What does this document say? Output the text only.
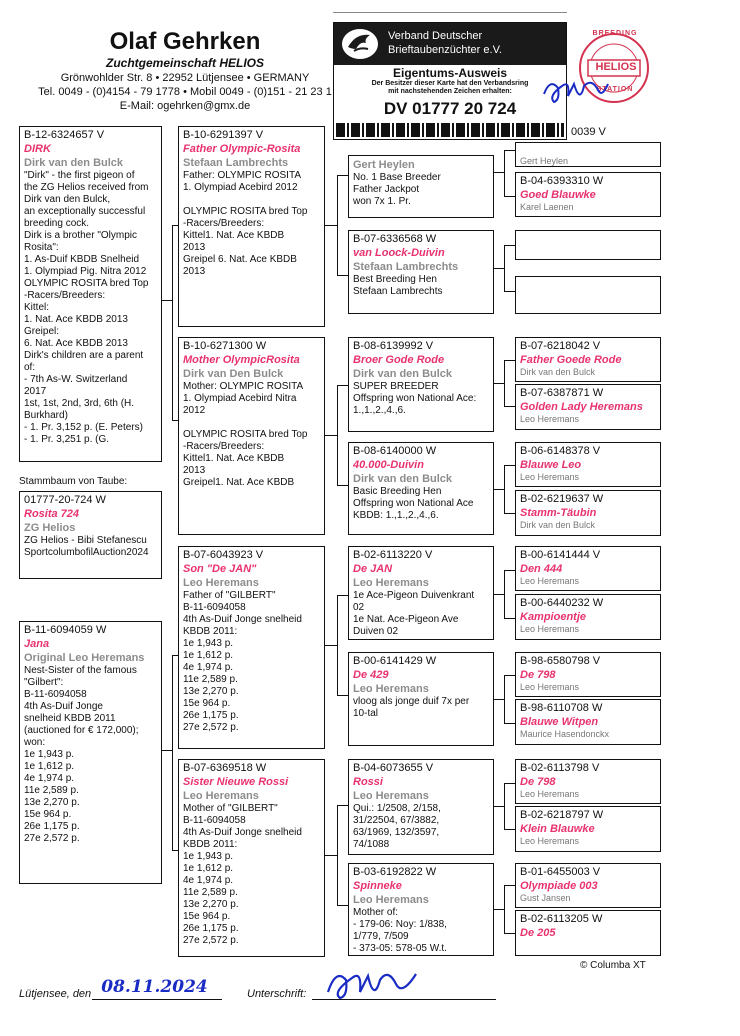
Olaf Gehrken
Zuchtgemeinschaft HELIOS
Grönwohlder Str. 8 • 22952 Lütjensee • GERMANY
Tel. 0049 - (0)4154 - 79 1778 • Mobil 0049 - (0)151 - 21 23 1
E-Mail: ogehrken@gmx.de
Verband Deutscher
Brieftaubenzüchter e.V.
Eigentums-Ausweis
Der Besitzer dieser Karte hat den Verbandsring
mit nachstehenden Zeichen erhalten:
DV 01777 20 724
BREEDING
HELIOS
STATION
0039 V
B-12-6324657 V
DIRK
Dirk van den Bulck
"Dirk" - the first pigeon of
the ZG Helios received from
Dirk van den Bulck,
an exceptionally successful
breeding cock.
Dirk is a brother "Olympic
Rosita":
1. As-Duif KBDB Snelheid
1. Olympiad Pig. Nitra 2012
OLYMPIC ROSITA bred Top
-Racers/Breeders:
Kittel:
1. Nat. Ace KBDB 2013
Greipel:
6. Nat. Ace KBDB 2013
Dirk's children are a parent
of:
- 7th As-W. Switzerland
2017
1st, 1st, 2nd, 3rd, 6th (H.
Burkhard)
- 1. Pr. 3,152 p. (E. Peters)
- 1. Pr. 3,251 p. (G.
Stammbaum von Taube:
01777-20-724 W
Rosita 724
ZG Helios
ZG Helios - Bibi Stefanescu
SportcolumbofilAuction2024
B-11-6094059 W
Jana
Original Leo Heremans
Nest-Sister of the famous
"Gilbert":
B-11-6094058
4th As-Duif Jonge
snelheid KBDB 2011
(auctioned for € 172,000);
won:
1e 1,943 p.
1e 1,612 p.
4e 1,974 p.
11e 2,589 p.
13e 2,270 p.
15e 964 p.
26e 1,175 p.
27e 2,572 p.
B-10-6291397 V
Father Olympic-Rosita
Stefaan Lambrechts
Father: OLYMPIC ROSITA
1. Olympiad Acebird 2012

OLYMPIC ROSITA bred Top
-Racers/Breeders:
Kittel1. Nat. Ace KBDB
2013
Greipel 6. Nat. Ace KBDB
2013
B-10-6271300 W
Mother OlympicRosita
Dirk van Den Bulck
Mother: OLYMPIC ROSITA
1. Olympiad Acebird Nitra
2012

OLYMPIC ROSITA bred Top
-Racers/Breeders:
Kittel1. Nat. Ace KBDB
2013
Greipel1. Nat. Ace KBDB
B-07-6043923 V
Son "De JAN"
Leo Heremans
Father of "GILBERT"
B-11-6094058
4th As-Duif Jonge snelheid
KBDB 2011:
1e 1,943 p.
1e 1,612 p.
4e 1,974 p.
11e 2,589 p.
13e 2,270 p.
15e 964 p.
26e 1,175 p.
27e 2,572 p.
B-07-6369518 W
Sister Nieuwe Rossi
Leo Heremans
Mother of "GILBERT"
B-11-6094058
4th As-Duif Jonge snelheid
KBDB 2011:
1e 1,943 p.
1e 1,612 p.
4e 1,974 p.
11e 2,589 p.
13e 2,270 p.
15e 964 p.
26e 1,175 p.
27e 2,572 p.
Gert Heylen
No. 1 Base Breeder
Father Jackpot
won 7x 1. Pr.
B-07-6336568 W
van Loock-Duivin
Stefaan Lambrechts
Best Breeding Hen
Stefaan Lambrechts
B-08-6139992 V
Broer Gode Rode
Dirk van den Bulck
SUPER BREEDER
Offspring won National Ace:
1.,1.,2.,4.,6.
B-08-6140000 W
40.000-Duivin
Dirk van den Bulck
Basic Breeding Hen
Offspring won National Ace
KBDB: 1.,1.,2.,4.,6.
B-02-6113220 V
De JAN
Leo Heremans
1e Ace-Pigeon Duivenkrant
02
1e Nat. Ace-Pigeon Ave
Duiven 02
B-00-6141429 W
De 429
Leo Heremans
vloog als jonge duif 7x per
10-tal
B-04-6073655 V
Rossi
Leo Heremans
Qui.: 1/2508, 2/158,
31/22504, 67/3882,
63/1969, 132/3597,
74/1088
B-03-6192822 W
Spinneke
Leo Heremans
Mother of:
- 179-06: Noy: 1/838,
1/779, 7/509
- 373-05: 578-05 W.t.
Gert Heylen
B-04-6393310 W
Goed Blauwke
Karel Laenen
B-07-6218042 V
Father Goede Rode
Dirk van den Bulck
B-07-6387871 W
Golden Lady Heremans
Leo Heremans
B-06-6148378 V
Blauwe Leo
Leo Heremans
B-02-6219637 W
Stamm-Täubin
Dirk van den Bulck
B-00-6141444 V
Den 444
Leo Heremans
B-00-6440232 W
Kampioentje
Leo Heremans
B-98-6580798 V
De 798
Leo Heremans
B-98-6110708 W
Blauwe Witpen
Maurice Hasendonckx
B-02-6113798 V
De 798
Leo Heremans
B-02-6218797 W
Klein Blauwke
Leo Heremans
B-01-6455003 V
Olympiade 003
Gust Jansen
B-02-6113205 W
De 205
© Columba XT
Lütjensee, den 08.11.2024	Unterschrift:
